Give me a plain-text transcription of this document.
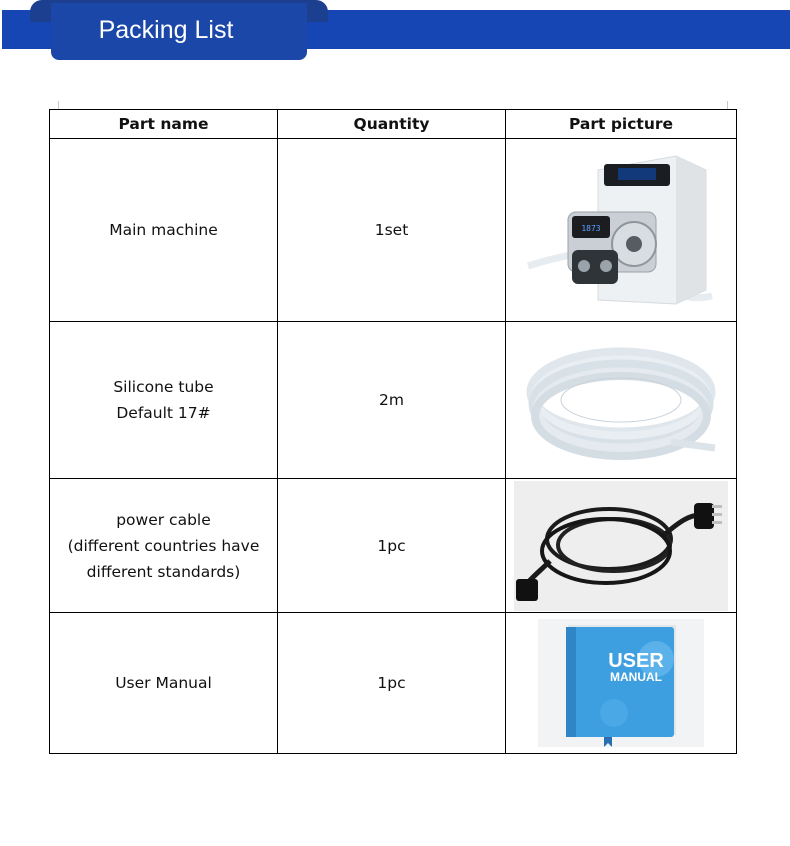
Packing List
Part name	Quantity	Part picture

Main machine	1set	1873

Silicone tube
Default 17#	2m	

power cable
(different countries have
different standards)	1pc	

User Manual	1pc	USER
MANUAL
